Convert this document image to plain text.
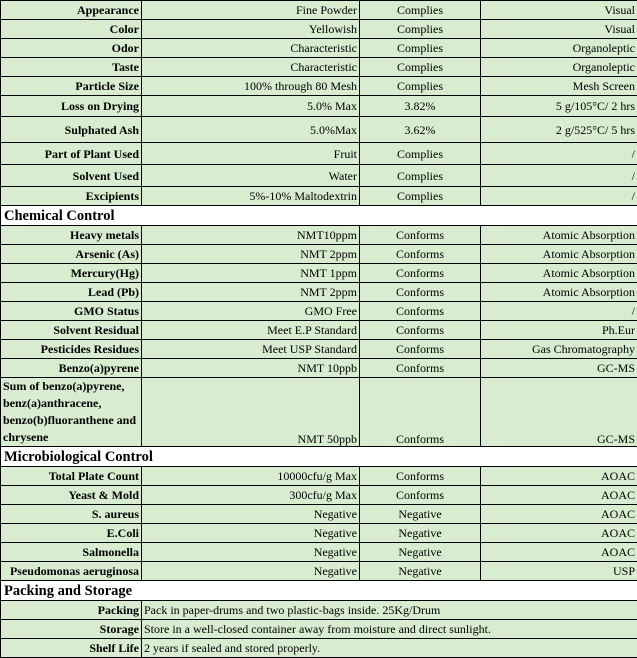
Appearance	Fine Powder	Complies	Visual
Color	Yellowish	Complies	Visual
Odor	Characteristic	Complies	Organoleptic
Taste	Characteristic	Complies	Organoleptic
Particle Size	100% through 80 Mesh	Complies	Mesh Screen
Loss on Drying	5.0% Max	3.82%	5 g/105°C/ 2 hrs
Sulphated Ash	5.0%Max	3.62%	2 g/525°C/ 5 hrs
Part of Plant Used	Fruit	Complies	/
Solvent Used	Water	Complies	/
Excipients	5%-10% Maltodextrin	Complies	/
Chemical Control			
Heavy metals	NMT10ppm	Conforms	Atomic Absorption
Arsenic (As)	NMT 2ppm	Conforms	Atomic Absorption
Mercury(Hg)	NMT 1ppm	Conforms	Atomic Absorption
Lead (Pb)	NMT 2ppm	Conforms	Atomic Absorption
GMO Status	GMO Free	Conforms	/
Solvent Residual	Meet E.P Standard	Conforms	Ph.Eur
Pesticides Residues	Meet USP Standard	Conforms	Gas Chromatography
Benzo(a)pyrene	NMT 10ppb	Conforms	GC-MS
Sum of benzo(a)pyrene, benz(a)anthracene, benzo(b)fluoranthene and chrysene	NMT 50ppb	Conforms	GC-MS
Microbiological Control			
Total Plate Count	10000cfu/g Max	Conforms	AOAC
Yeast & Mold	300cfu/g Max	Conforms	AOAC
S. aureus	Negative	Negative	AOAC
E.Coli	Negative	Negative	AOAC
Salmonella	Negative	Negative	AOAC
Pseudomonas aeruginosa	Negative	Negative	USP
Packing and Storage			
Packing	Pack in paper-drums and two plastic-bags inside. 25Kg/Drum		
Storage	Store in a well-closed container away from moisture and direct sunlight.		
Shelf Life	2 years if sealed and stored properly.		
